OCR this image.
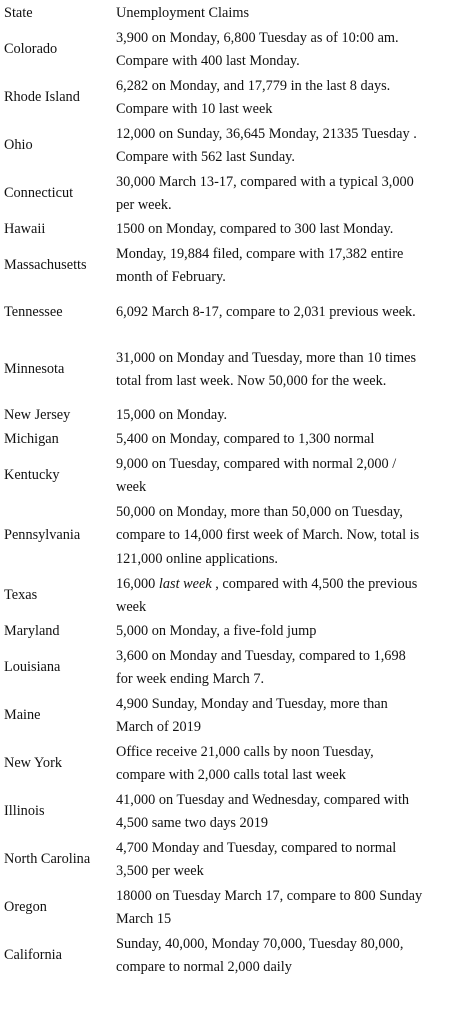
State	Unemployment Claims
Colorado	3,900 on Monday, 6,800 Tuesday as of 10:00 am.
Compare with 400 last Monday.
Rhode Island	6,282 on Monday, and 17,779 in the last 8 days.
Compare with 10 last week
Ohio	12,000 on Sunday, 36,645 Monday, 21335 Tuesday .
Compare with 562 last Sunday.
Connecticut	30,000 March 13-17, compared with a typical 3,000
per week.
Hawaii	1500 on Monday, compared to 300 last Monday.
Massachusetts	Monday, 19,884 filed, compare with 17,382 entire
month of February.
Tennessee	6,092 March 8-17, compare to 2,031 previous week.
Minnesota	31,000 on Monday and Tuesday, more than 10 times
total from last week. Now 50,000 for the week.
New Jersey	15,000 on Monday.
Michigan	5,400 on Monday, compared to 1,300 normal
Kentucky	9,000 on Tuesday, compared with normal 2,000 /
week
Pennsylvania	50,000 on Monday, more than 50,000 on Tuesday,
compare to 14,000 first week of March. Now, total is
121,000 online applications.
Texas	16,000 last week , compared with 4,500 the previous
week
Maryland	5,000 on Monday, a five-fold jump
Louisiana	3,600 on Monday and Tuesday, compared to 1,698
for week ending March 7.
Maine	4,900 Sunday, Monday and Tuesday, more than
March of 2019
New York	Office receive 21,000 calls by noon Tuesday,
compare with 2,000 calls total last week
Illinois	41,000 on Tuesday and Wednesday, compared with
4,500 same two days 2019
North Carolina	4,700 Monday and Tuesday, compared to normal
3,500 per week
Oregon	18000 on Tuesday March 17, compare to 800 Sunday
March 15
California	Sunday, 40,000, Monday 70,000, Tuesday 80,000,
compare to normal 2,000 daily
